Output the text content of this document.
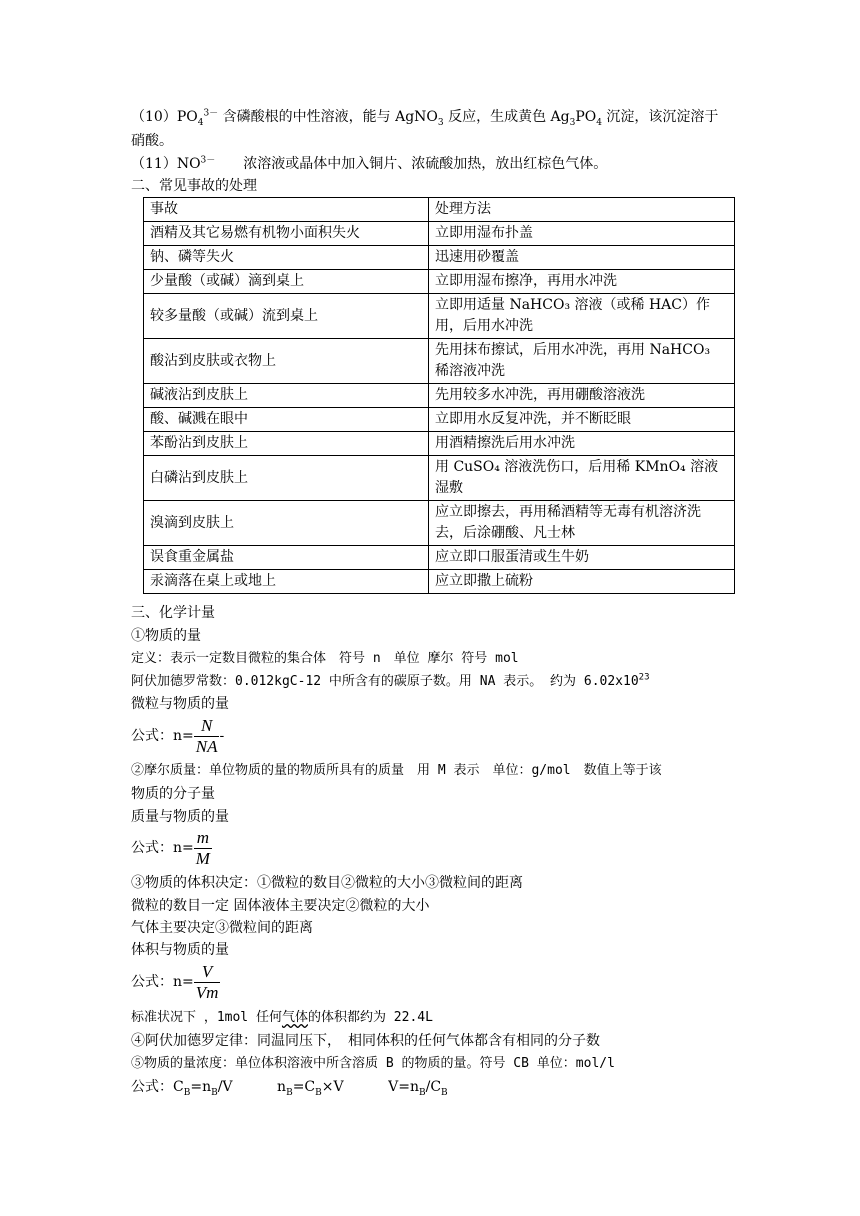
$(10)PO_4^{3-}$ 含磷酸根的中性溶液，能与 AgNO$_3$ 反应，生成黄色 $Ag_3PO_4$ 沉淀，该沉淀溶于
硝酸。
$(11)NO^{3-}$　　浓溶液或晶体中加入铜片、浓硫酸加热，放出红棕色气体。
二、常见事故的处理
事故	处理方法
酒精及其它易燃有机物小面积失火	立即用湿布扑盖
钠、磷等失火	迅速用砂覆盖
少量酸（或碱）滴到桌上	立即用湿布擦净，再用水冲洗
较多量酸（或碱）流到桌上	立即用适量 NaHCO₃ 溶液（或稀 HAC）作用，后用水冲洗
酸沾到皮肤或衣物上	先用抹布擦试，后用水冲洗，再用 NaHCO₃ 稀溶液冲洗
碱液沾到皮肤上	先用较多水冲洗，再用硼酸溶液洗
酸、碱溅在眼中	立即用水反复冲洗，并不断眨眼
苯酚沾到皮肤上	用酒精擦洗后用水冲洗
白磷沾到皮肤上	用 CuSO₄ 溶液洗伤口，后用稀 KMnO₄ 溶液湿敷
溴滴到皮肤上	应立即擦去，再用稀酒精等无毒有机溶济洗去，后涂硼酸、凡士林
误食重金属盐	应立即口服蛋清或生牛奶
汞滴落在桌上或地上	应立即撒上硫粉
三、化学计量
①物质的量
定义：表示一定数目微粒的集合体　符号 n　单位 摩尔 符号 mol
阿伏加德罗常数：0.012kgC-12 中所含有的碳原子数。用 NA 表示。 约为 $6.02x10^{23}$
微粒与物质的量
公式：$n= \frac{N}{NA}$ -
②摩尔质量：单位物质的量的物质所具有的质量　用 M 表示　单位：g/mol　数值上等于该
物质的分子量
质量与物质的量
公式：$n= \frac{m}{M}$
③物质的体积决定：①微粒的数目②微粒的大小③微粒间的距离
微粒的数目一定 固体液体主要决定②微粒的大小
气体主要决定③微粒间的距离
体积与物质的量
公式：$n= \frac{V}{Vm}$
标准状况下 ，1mol 任何气体的体积都约为 22.4L
④阿伏加德罗定律：同温同压下，　相同体积的任何气体都含有相同的分子数
⑤物质的量浓度：单位体积溶液中所含溶质 B 的物质的量。符号 CB 单位：mol/l
公式：$C_B=n_B/V$          $n_B=C_B\times V$          $V=n_B/C_B$
